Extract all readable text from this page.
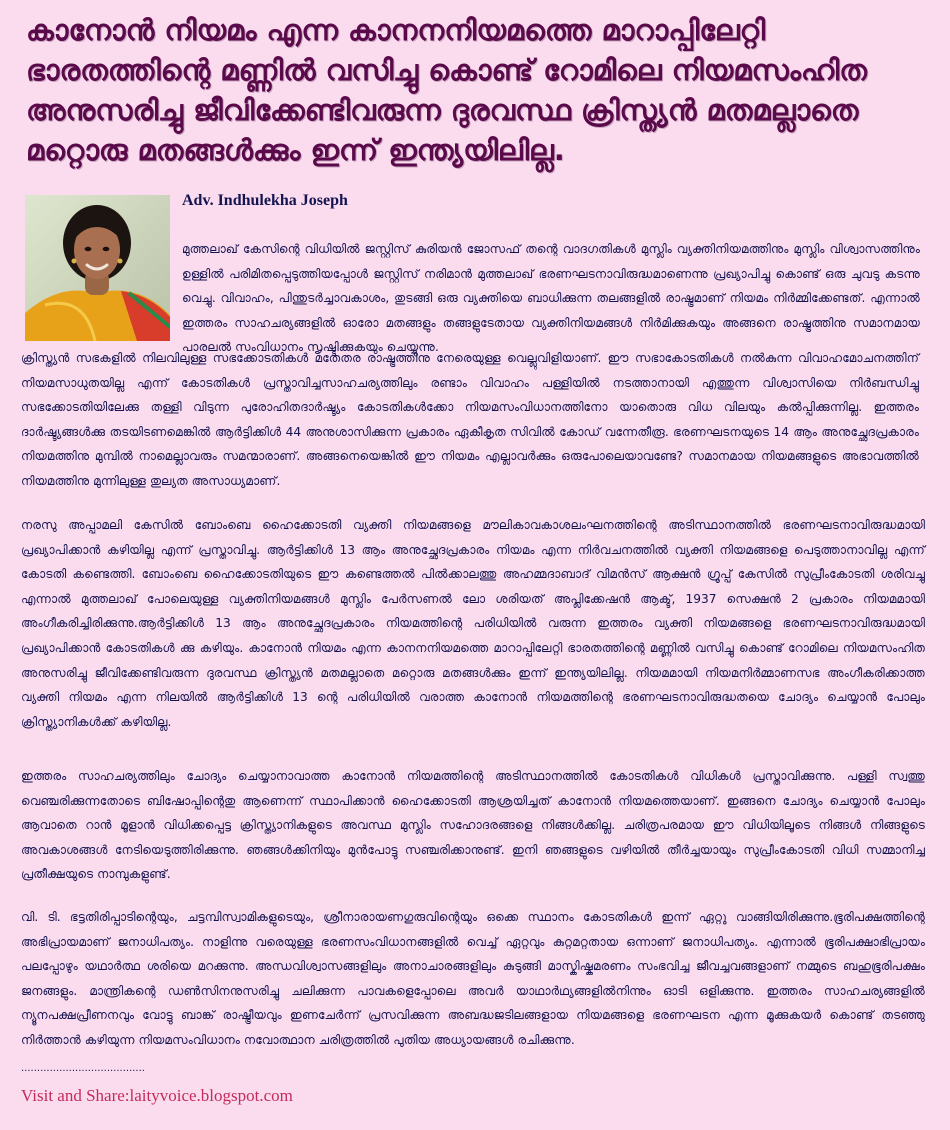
കാനോൻ നിയമം എന്ന കാനനനിയമത്തെ മാറാപ്പിലേറ്റി ഭാരതത്തിന്റെ മണ്ണിൽ വസിച്ചു കൊണ്ട് റോമിലെ നിയമസംഹിത അനുസരിച്ചു ജീവിക്കേണ്ടിവരുന്ന ദുരവസ്ഥ ക്രിസ്ത്യൻ മതമല്ലാതെ മറ്റൊരു മതങ്ങൾക്കും ഇന്ന് ഇന്ത്യയിലില്ല.
Adv. Indhulekha Joseph

മുത്തലാഖ് കേസിന്റെ വിധിയിൽ ജസ്റ്റിസ് കുരിയൻ ജോസഫ് തന്റെ വാദഗതികൾ മുസ്ലിം വ്യക്തിനിയമത്തിനും മുസ്ലിം വിശ്വാസത്തിനും ഉള്ളിൽ പരിമിതപ്പെടുത്തിയപ്പോൾ ജസ്റ്റിസ് നരിമാൻ മുത്തലാഖ് ഭരണഘടനാവിരുദ്ധമാണെന്നു പ്രഖ്യാപിച്ചു കൊണ്ട് ഒരു ചുവടു കടന്നു വെച്ചു. വിവാഹം, പിന്തുടർച്ചാവകാശം, തുടങ്ങി ഒരു വ്യക്തിയെ ബാധിക്കുന്ന തലങ്ങളിൽ രാഷ്ട്രമാണ് നിയമം നിർമ്മിക്കേണ്ടത്. എന്നാൽ ഇത്തരം സാഹചര്യങ്ങളിൽ ഓരോ മതങ്ങളും തങ്ങളുടേതായ വ്യക്തിനിയമങ്ങൾ നിർമിക്കുകയും അങ്ങനെ രാഷ്ട്രത്തിനു സമാനമായ പാരലൽ സംവിധാനം സൃഷ്ടിക്കുകയും ചെയ്യുന്നു.

ക്രിസ്ത്യൻ സഭകളിൽ നിലവിലുള്ള സഭക്കോടതികൾ മതേതര രാഷ്ട്രത്തിനു നേരെയുള്ള വെല്ലുവിളിയാണ്. ഈ സഭാകോടതികൾ നൽകുന്ന വിവാഹമോചനത്തിന് നിയമസാധുതയില്ല എന്ന് കോടതികൾ പ്രസ്താവിച്ചസാഹചര്യത്തിലും രണ്ടാം വിവാഹം പള്ളിയിൽ നടത്താനായി എത്തുന്ന വിശ്വാസിയെ നിർബന്ധിച്ചു സഭക്കോടതിയിലേക്കു തള്ളി വിടുന്ന പുരോഹിതദാർഷ്ട്യം കോടതികൾക്കോ നിയമസംവിധാനത്തിനോ യാതൊരു വിധ വിലയും കൽപ്പിക്കുന്നില്ല. ഇത്തരം ദാർഷ്ട്യങ്ങൾക്കു തടയിടണമെങ്കിൽ ആർട്ടിക്കിൾ 44 അനുശാസിക്കുന്ന പ്രകാരം ഏകീകൃത സിവിൽ കോഡ് വന്നേതീരൂ. ഭരണഘടനയുടെ 14 ആം അനുച്ഛേദപ്രകാരം നിയമത്തിനു മുമ്പിൽ നാമെല്ലാവരും സമന്മാരാണ്. അങ്ങനെയെങ്കിൽ ഈ നിയമം എല്ലാവർക്കും ഒരുപോലെയാവണ്ടേ? സമാനമായ നിയമങ്ങളുടെ അഭാവത്തിൽ നിയമത്തിനു മുന്നിലുള്ള തുല്യത അസാധ്യമാണ്.

നരസു അപ്പാമലി കേസിൽ ബോംബെ ഹൈക്കോടതി വ്യക്തി നിയമങ്ങളെ മൗലികാവകാശലംഘനത്തിന്റെ അടിസ്ഥാനത്തിൽ ഭരണഘടനാവിരുദ്ധമായി പ്രഖ്യാപിക്കാൻ കഴിയില്ല എന്ന് പ്രസ്താവിച്ചു. ആർട്ടിക്കിൾ 13 ആം അനുച്ഛേദപ്രകാരം നിയമം എന്ന നിർവചനത്തിൽ വ്യക്തി നിയമങ്ങളെ പെടുത്താനാവില്ല എന്ന് കോടതി കണ്ടെത്തി. ബോംബെ ഹൈക്കോടതിയുടെ ഈ കണ്ടെത്തൽ പിൽക്കാലത്തു അഹമ്മദാബാദ് വിമൻസ് ആക്ഷൻ ഗ്രൂപ്പ് കേസിൽ സുപ്രീംകോടതി ശരിവച്ചു എന്നാൽ മുത്തലാഖ് പോലെയുള്ള വ്യക്തിനിയമങ്ങൾ മുസ്ലിം പേർസണൽ ലോ ശരിയത് അപ്ലിക്കേഷൻ ആക്ട്, 1937 സെക്ഷൻ 2 പ്രകാരം നിയമമായി അംഗീകരിച്ചിരിക്കുന്നു.ആർട്ടിക്കിൾ 13 ആം അനുച്ഛേദപ്രകാരം നിയമത്തിന്റെ പരിധിയിൽ വരുന്ന ഇത്തരം വ്യക്തി നിയമങ്ങളെ ഭരണഘടനാവിരുദ്ധമായി പ്രഖ്യാപിക്കാൻ കോടതികൾ ക്കു കഴിയും. കാനോൻ നിയമം എന്ന കാനനനിയമത്തെ മാറാപ്പിലേറ്റി ഭാരതത്തിന്റെ മണ്ണിൽ വസിച്ചു കൊണ്ട് റോമിലെ നിയമസംഹിത അനുസരിച്ചു ജീവിക്കേണ്ടിവരുന്ന ദുരവസ്ഥ ക്രിസ്ത്യൻ മതമല്ലാതെ മറ്റൊരു മതങ്ങൾക്കും ഇന്ന് ഇന്ത്യയിലില്ല. നിയമമായി നിയമനിർമ്മാണസഭ അംഗീകരിക്കാത്ത വ്യക്തി നിയമം എന്ന നിലയിൽ ആർട്ടിക്കിൾ 13 ന്റെ പരിധിയിൽ വരാത്ത കാനോൻ നിയമത്തിന്റെ ഭരണഘടനാവിരുദ്ധതയെ ചോദ്യം ചെയ്യാൻ പോലും ക്രിസ്ത്യാനികൾക്ക് കഴിയില്ല.

ഇത്തരം സാഹചര്യത്തിലും ചോദ്യം ചെയ്യാനാവാത്ത കാനോൻ നിയമത്തിന്റെ അടിസ്ഥാനത്തിൽ കോടതികൾ വിധികൾ പ്രസ്താവിക്കുന്നു. പള്ളി സ്വത്തു വെഞ്ചരിക്കുന്നതോടെ ബിഷോപ്പിന്റെതു ആണെന്ന് സ്ഥാപിക്കാൻ ഹൈക്കോടതി ആശ്രയിച്ചത് കാനോൻ നിയമത്തെയാണ്. ഇങ്ങനെ ചോദ്യം ചെയ്യാൻ പോലും ആവാതെ റാൻ മൂളാൻ വിധിക്കപ്പെട്ട ക്രിസ്ത്യാനികളുടെ അവസ്ഥ മുസ്ലിം സഹോദരങ്ങളെ നിങ്ങൾക്കില്ല. ചരിത്രപരമായ ഈ വിധിയിലൂടെ നിങ്ങൾ നിങ്ങളുടെ അവകാശങ്ങൾ നേടിയെടുത്തിരിക്കുന്നു. ഞങ്ങൾക്കിനിയും മുൻപോട്ടു സഞ്ചരിക്കാനുണ്ട്. ഇനി ഞങ്ങളുടെ വഴിയിൽ തീർച്ചയായും സുപ്രീംകോടതി വിധി സമ്മാനിച്ച പ്രതീക്ഷയുടെ നാമ്പുകളുണ്ട്.

വി. ടി. ഭട്ടതിരിപ്പാടിന്റെയും, ചട്ടമ്പിസ്വാമികളുടെയും, ശ്രീനാരായണഗുരുവിന്റെയും ഒക്കെ സ്ഥാനം കോടതികൾ ഇന്ന് ഏറ്റു വാങ്ങിയിരിക്കുന്നു.ഭൂരിപക്ഷത്തിന്റെ അഭിപ്രായമാണ് ജനാധിപത്യം. നാളിന്നു വരെയുള്ള ഭരണസംവിധാനങ്ങളിൽ വെച്ച് ഏറ്റവും കുറ്റമറ്റതായ ഒന്നാണ് ജനാധിപത്യം. എന്നാൽ ഭൂരിപക്ഷാഭിപ്രായം പലപ്പോഴും യഥാർത്ഥ ശരിയെ മറക്കുന്നു. അന്ധവിശ്വാസങ്ങളിലും അനാചാരങ്ങളിലും കുടുങ്ങി മാസ്കിഷ്കമരണം സംഭവിച്ച ജീവച്ചവങ്ങളാണ് നമ്മുടെ ബഹുഭൂരിപക്ഷം ജനങ്ങളും. മാന്ത്രികന്റെ ഡൺസിനനുസരിച്ചു ചലിക്കുന്ന പാവകളെപ്പോലെ അവർ യാഥാർഥ്യങ്ങളിൽനിന്നും ഓടി ഒളിക്കുന്നു. ഇത്തരം സാഹചര്യങ്ങളിൽ ന്യൂനപക്ഷപ്രീണനവും വോട്ടു ബാങ്ക് രാഷ്ട്രീയവും ഇണചേർന്ന് പ്രസവിക്കുന്ന അബദ്ധജടിലങ്ങളായ നിയമങ്ങളെ ഭരണഘടന എന്ന മൂക്കുകയർ കൊണ്ട് തടഞ്ഞു നിർത്താൻ കഴിയുന്ന നിയമസംവിധാനം നവോത്ഥാന ചരിത്രത്തിൽ പുതിയ അധ്യായങ്ങൾ രചിക്കുന്നു.

.......................................
Visit and Share:laityvoice.blogspot.com
